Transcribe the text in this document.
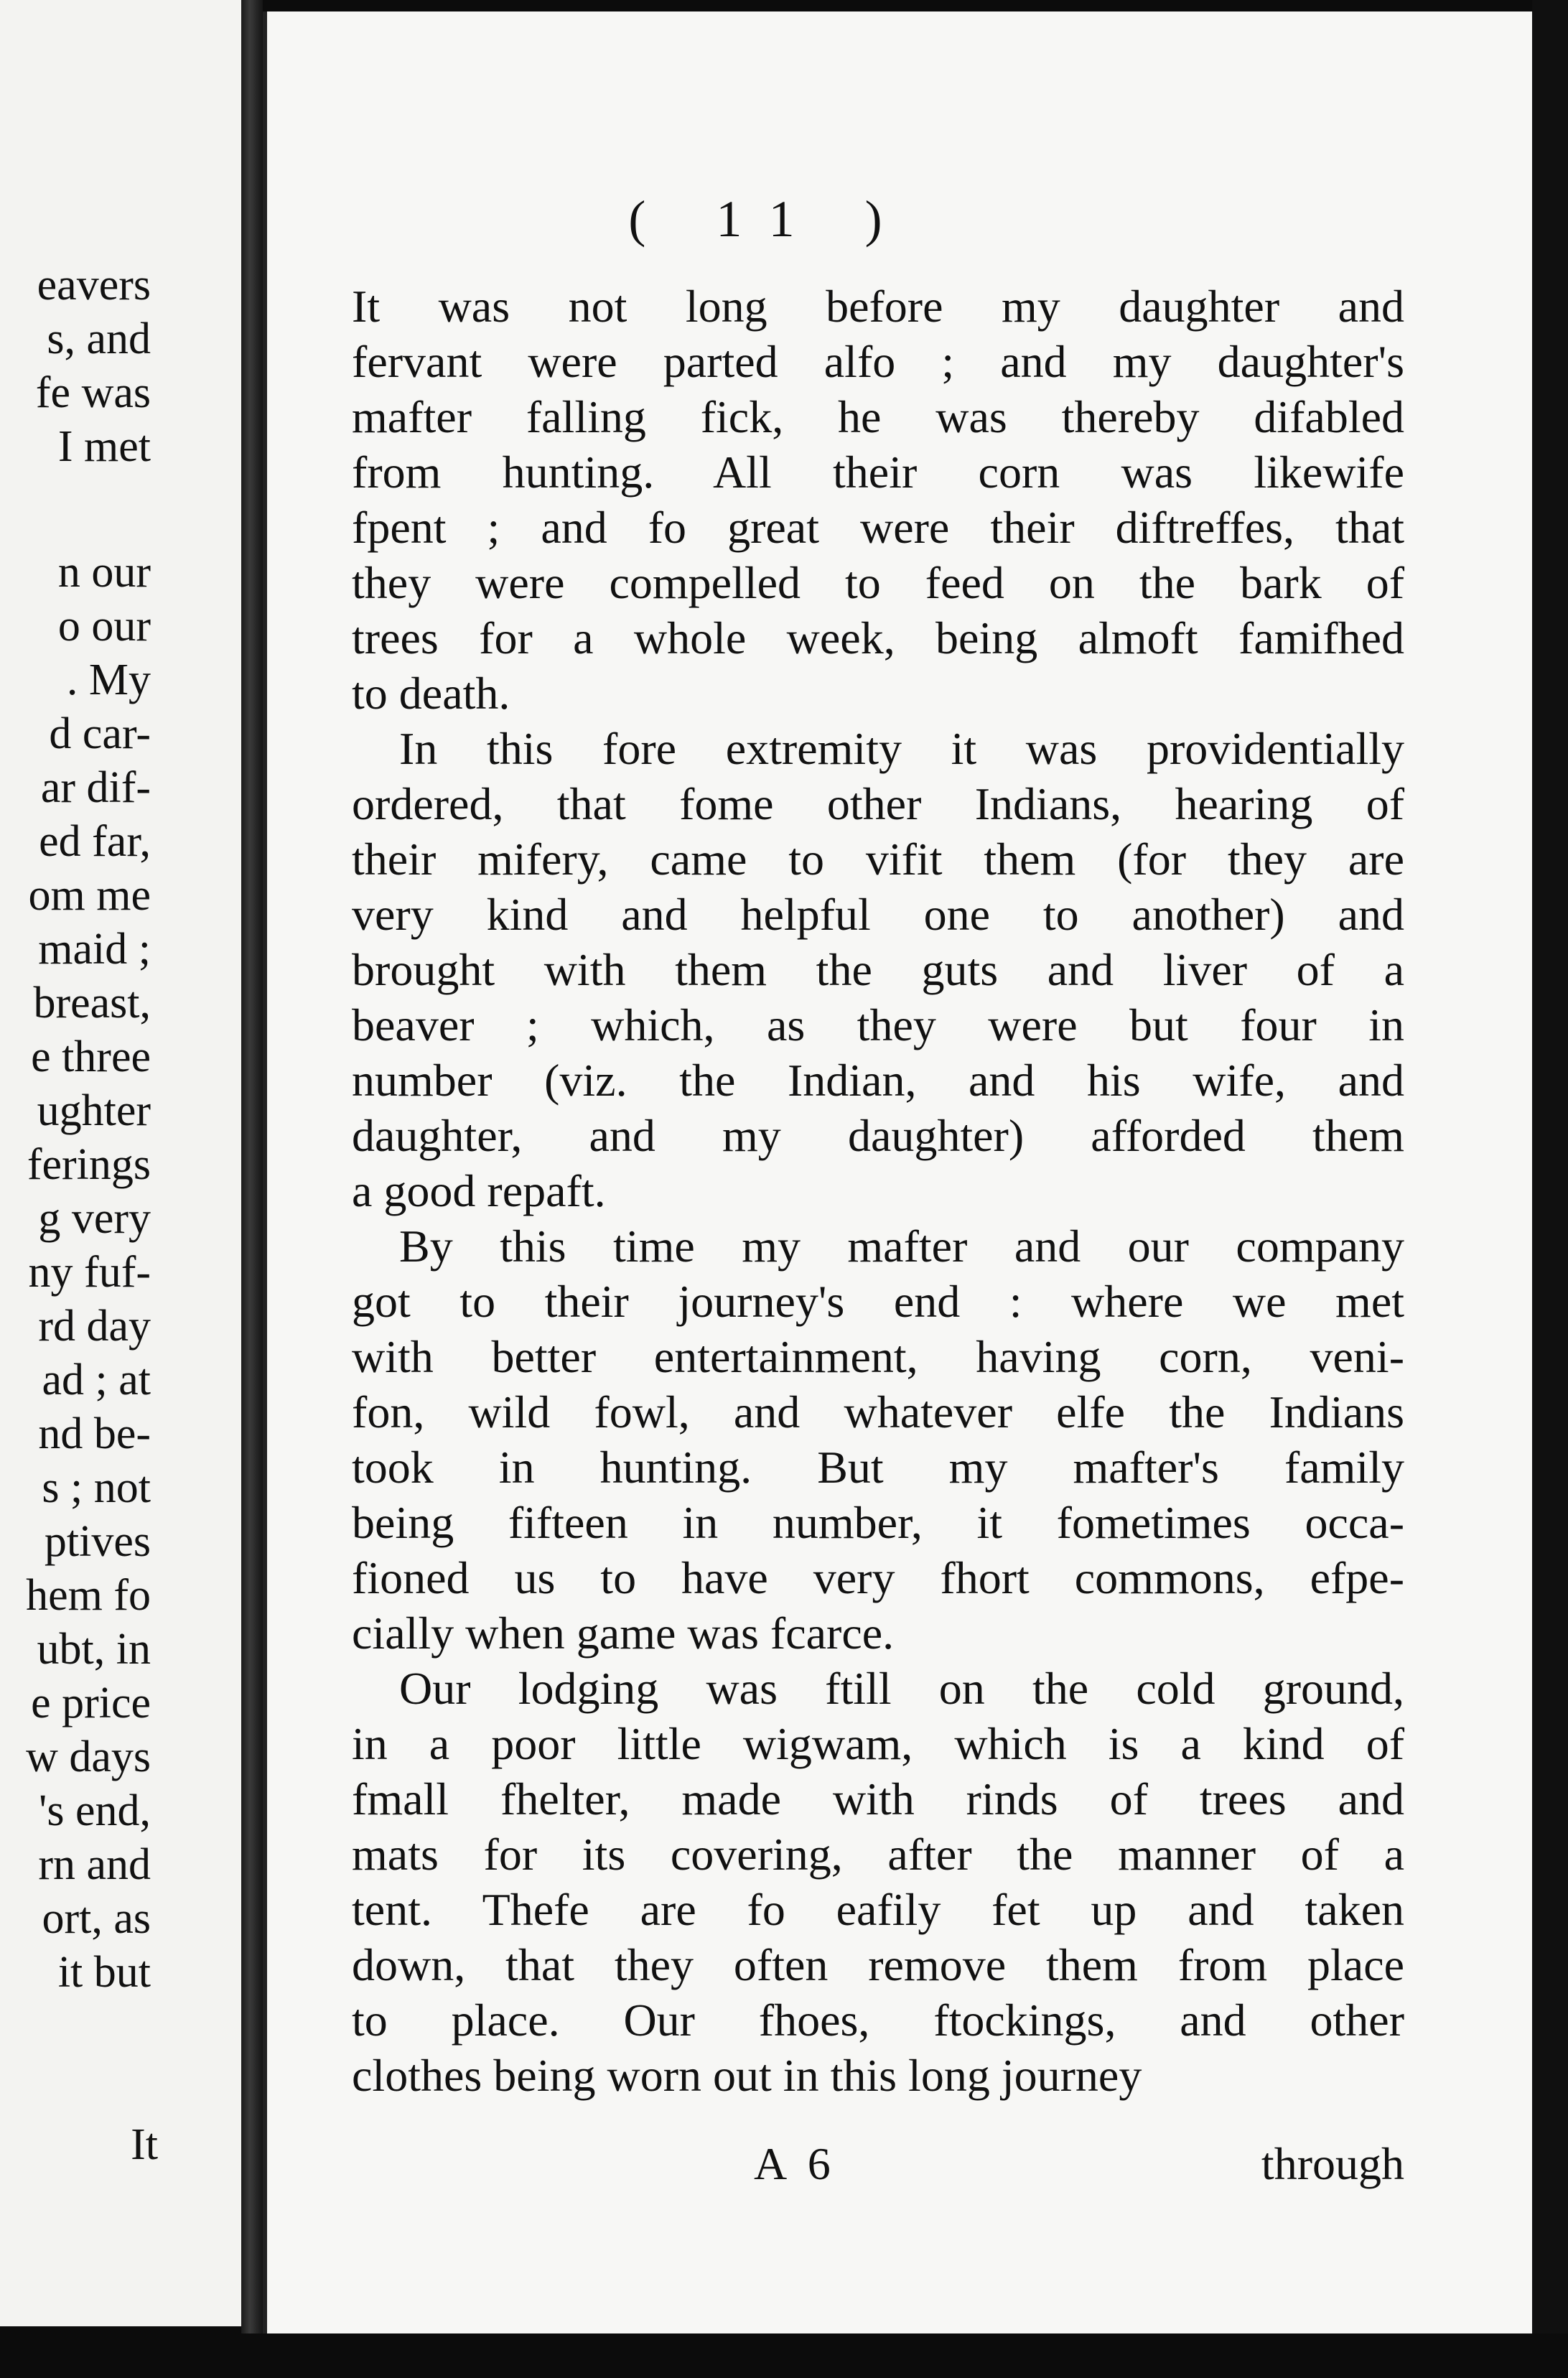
eavers
s, and
fe was
I met
n our
o our
. My
d car-
ar dif-
ed far,
om me
maid ;
breast,
e three
ughter
ferings
g very
ny fuf-
rd day
ad ; at
nd be-
s ; not
ptives
hem fo
ubt, in
e price
w days
's end,
rn and
ort, as
it but
It
( 11 )
It was not long before my daughter and
fervant were parted alfo ; and my daughter's
mafter falling fick, he was thereby difabled
from hunting. All their corn was likewife
fpent ; and fo great were their diftreffes, that
they were compelled to feed on the bark of
trees for a whole week, being almoft famifhed
to death.
In this fore extremity it was providentially
ordered, that fome other Indians, hearing of
their mifery, came to vifit them (for they are
very kind and helpful one to another) and
brought with them the guts and liver of a
beaver ; which, as they were but four in
number (viz. the Indian, and his wife, and
daughter, and my daughter) afforded them
a good repaft.
By this time my mafter and our company
got to their journey's end : where we met
with better entertainment, having corn, veni-
fon, wild fowl, and whatever elfe the Indians
took in hunting. But my mafter's family
being fifteen in number, it fometimes occa-
fioned us to have very fhort commons, efpe-
cially when game was fcarce.
Our lodging was ftill on the cold ground,
in a poor little wigwam, which is a kind of
fmall fhelter, made with rinds of trees and
mats for its covering, after the manner of a
tent. Thefe are fo eafily fet up and taken
down, that they often remove them from place
to place. Our fhoes, ftockings, and other
clothes being worn out in this long journey
A 6	through
